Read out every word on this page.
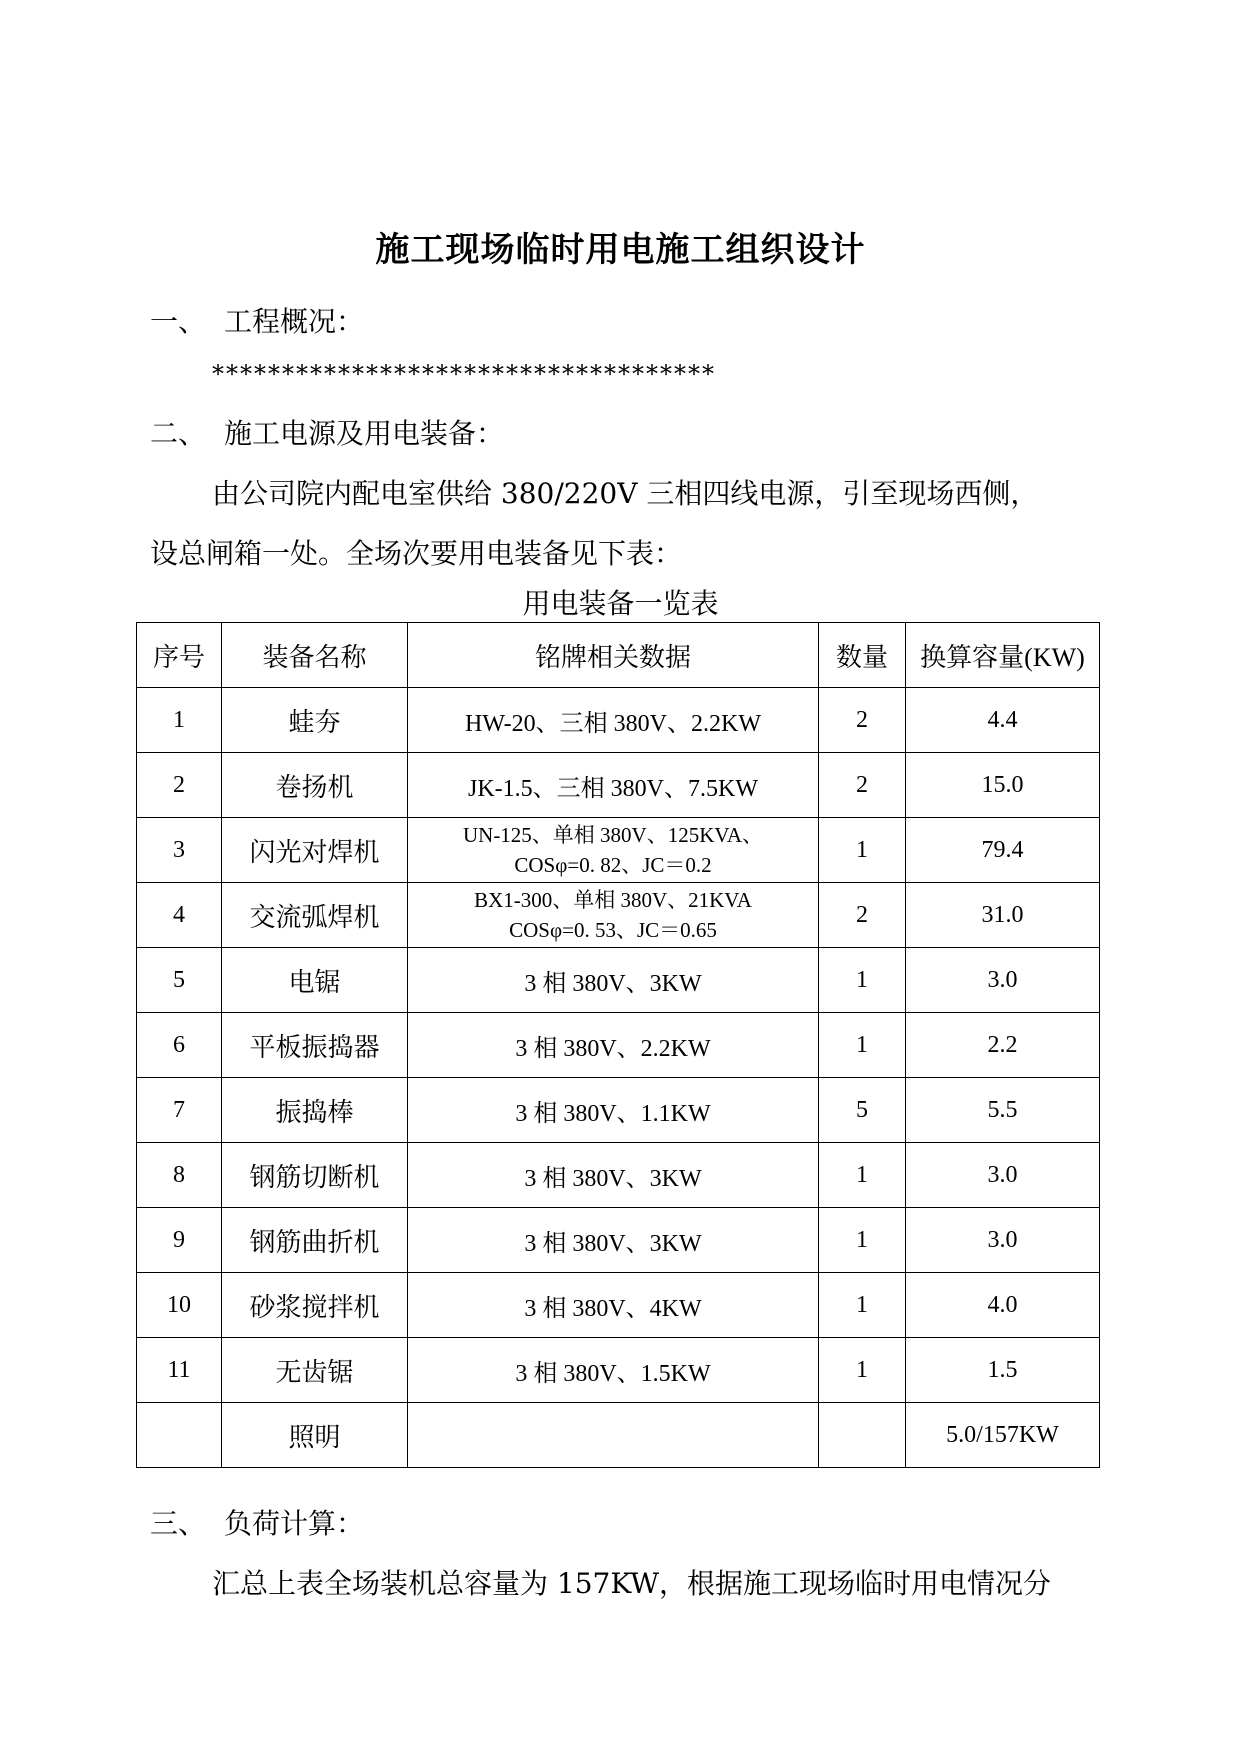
施工现场临时用电施工组织设计
一、 工程概况：
************************************
二、 施工电源及用电装备：
由公司院内配电室供给 380/220V 三相四线电源，引至现场西侧，
设总闸箱一处。全场次要用电装备见下表：
用电装备一览表
序号	装备名称	铭牌相关数据	数量	换算容量(KW)
1	蛙夯	HW-20、三相 380V、2.2KW	2	4.4
2	卷扬机	JK-1.5、三相 380V、7.5KW	2	15.0
3	闪光对焊机	UN-125、单相 380V、125KVA、
COSφ=0. 82、JC＝0.2	1	79.4
4	交流弧焊机	BX1-300、单相 380V、21KVA
COSφ=0. 53、JC＝0.65	2	31.0
5	电锯	3 相 380V、3KW	1	3.0
6	平板振捣器	3 相 380V、2.2KW	1	2.2
7	振捣棒	3 相 380V、1.1KW	5	5.5
8	钢筋切断机	3 相 380V、3KW	1	3.0
9	钢筋曲折机	3 相 380V、3KW	1	3.0
10	砂浆搅拌机	3 相 380V、4KW	1	4.0
11	无齿锯	3 相 380V、1.5KW	1	1.5
	照明			5.0/157KW
三、 负荷计算：
汇总上表全场装机总容量为 157KW，根据施工现场临时用电情况分
